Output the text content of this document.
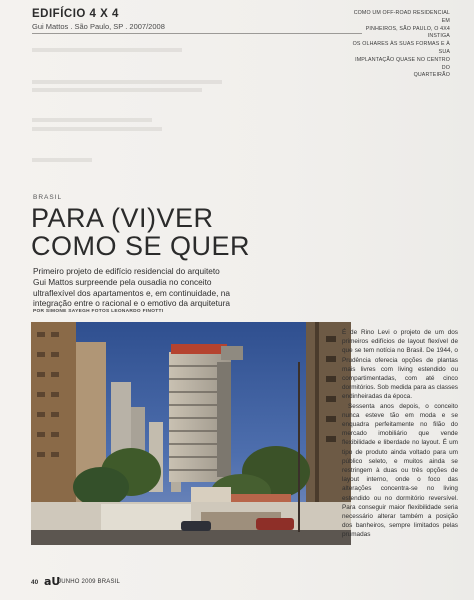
EDIFÍCIO 4 X 4
Gui Mattos . São Paulo, SP . 2007/2008
COMO UM OFF-ROAD RESIDENCIAL EM
PINHEIROS, SÃO PAULO, O 4X4 INSTIGA
OS OLHARES ÀS SUAS FORMAS E À SUA
IMPLANTAÇÃO QUASE NO CENTRO DO
QUARTEIRÃO
BRASIL
PARA (VI)VER
COMO SE QUER
Primeiro projeto de edifício residencial do arquiteto
Gui Mattos surpreende pela ousadia no conceito
ultraflexível dos apartamentos e, em continuidade, na
integração entre o racional e o emotivo da arquitetura
POR SIMONE SAYEGH FOTOS LEONARDO FINOTTI

É de Rino Levi o projeto de um dos primeiros edifícios de layout flexível de que se tem notícia no Brasil. De 1944, o Prudência oferecia opções de plantas mais livres com living estendido ou compartimentadas, com até cinco dormitórios. Sob medida para as classes endinheiradas da época.

Sessenta anos depois, o conceito nunca esteve tão em moda e se enquadra perfeitamente no filão do mercado imobiliário que vende flexibilidade e liberdade no layout. É um tipo de produto ainda voltado para um público seleto, e muitos ainda se restringem à duas ou três opções de layout interno, onde o foco das alterações concentra-se no living estendido ou no dormitório reversível. Para conseguir maior flexibilidade seria necessário alterar também a posição dos banheiros, sempre limitados pelas prumadas

40 aU
JUNHO 2009 BRASIL
